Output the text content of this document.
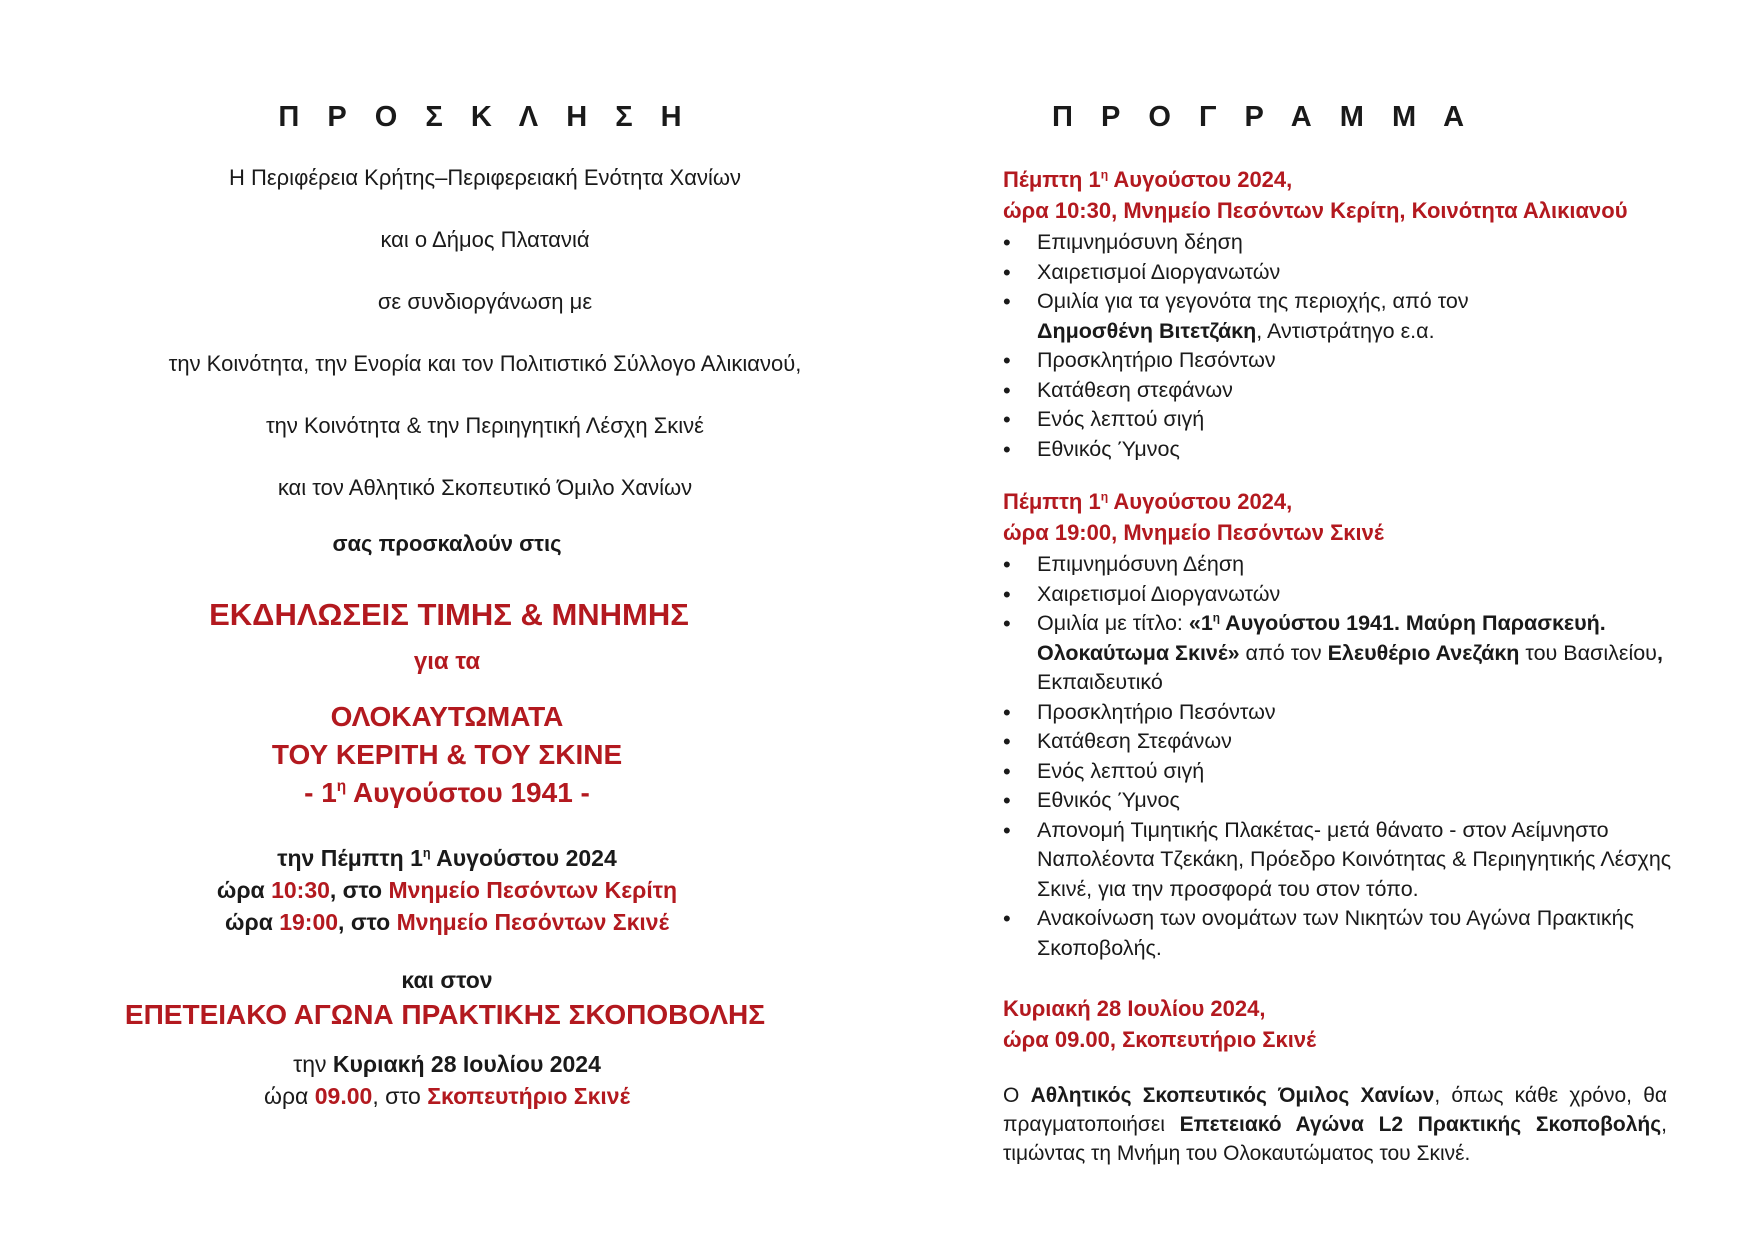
Π Ρ Ο Σ Κ Λ Η Σ Η

Η Περιφέρεια Κρήτης–Περιφερειακή Ενότητα Χανίων

και ο Δήμος Πλατανιά

σε συνδιοργάνωση με

την Κοινότητα, την Ενορία και τον Πολιτιστικό Σύλλογο Αλικιανού,

την Κοινότητα & την Περιηγητική Λέσχη Σκινέ

και τον Αθλητικό Σκοπευτικό Όμιλο Χανίων

σας προσκαλούν στις

ΕΚΔΗΛΩΣΕΙΣ ΤΙΜΗΣ & ΜΝΗΜΗΣ
για τα
ΟΛΟΚΑΥΤΩΜΑΤΑ
ΤΟΥ ΚΕΡΙΤΗ & ΤΟΥ ΣΚΙΝΕ
- $1^\eta$ Αυγούστου 1941 -
την Πέμπτη $1^\eta$ Αυγούστου 2024
ώρα 10:30, στο Μνημείο Πεσόντων Κερίτη
ώρα 19:00, στο Μνημείο Πεσόντων Σκινέ
και στον
ΕΠΕΤΕΙΑΚΟ ΑΓΩΝΑ ΠΡΑΚΤΙΚΗΣ ΣΚΟΠΟΒΟΛΗΣ
την Κυριακή 28 Ιουλίου 2024
ώρα 09.00, στο Σκοπευτήριο Σκινέ
Π Ρ Ο Γ Ρ Α Μ Μ Α
Πέμπτη $1^\eta$ Αυγούστου 2024,
ώρα 10:30, Μνημείο Πεσόντων Κερίτη, Κοινότητα Αλικιανού
• Επιμνημόσυνη δέηση
• Χαιρετισμοί Διοργανωτών
• Ομιλία για τα γεγονότα της περιοχής, από τον
Δημοσθένη Βιτετζάκη, Αντιστράτηγο ε.α.
• Προσκλητήριο Πεσόντων
• Κατάθεση στεφάνων
• Ενός λεπτού σιγή
• Εθνικός Ύμνος
Πέμπτη $1^\eta$ Αυγούστου 2024,
ώρα 19:00, Μνημείο Πεσόντων Σκινέ
• Επιμνημόσυνη Δέηση
• Χαιρετισμοί Διοργανωτών
• Ομιλία με τίτλο: «$1^\eta$ Αυγούστου 1941. Μαύρη Παρασκευή. Ολοκαύτωμα Σκινέ» από τον Ελευθέριο Ανεζάκη του Βασιλείου, Εκπαιδευτικό
• Προσκλητήριο Πεσόντων
• Κατάθεση Στεφάνων
• Ενός λεπτού σιγή
• Εθνικός Ύμνος
• Απονομή Τιμητικής Πλακέτας- μετά θάνατο - στον Αείμνηστο Ναπολέοντα Τζεκάκη, Πρόεδρο Κοινότητας & Περιηγητικής Λέσχης Σκινέ, για την προσφορά του στον τόπο.
• Ανακοίνωση των ονομάτων των Νικητών του Αγώνα Πρακτικής Σκοποβολής.
Κυριακή 28 Ιουλίου 2024,
ώρα 09.00, Σκοπευτήριο Σκινέ

Ο Αθλητικός Σκοπευτικός Όμιλος Χανίων, όπως κάθε χρόνο, θα πραγματοποιήσει Επετειακό Αγώνα L2 Πρακτικής Σκοποβολής, τιμώντας τη Μνήμη του Ολοκαυτώματος του Σκινέ.
